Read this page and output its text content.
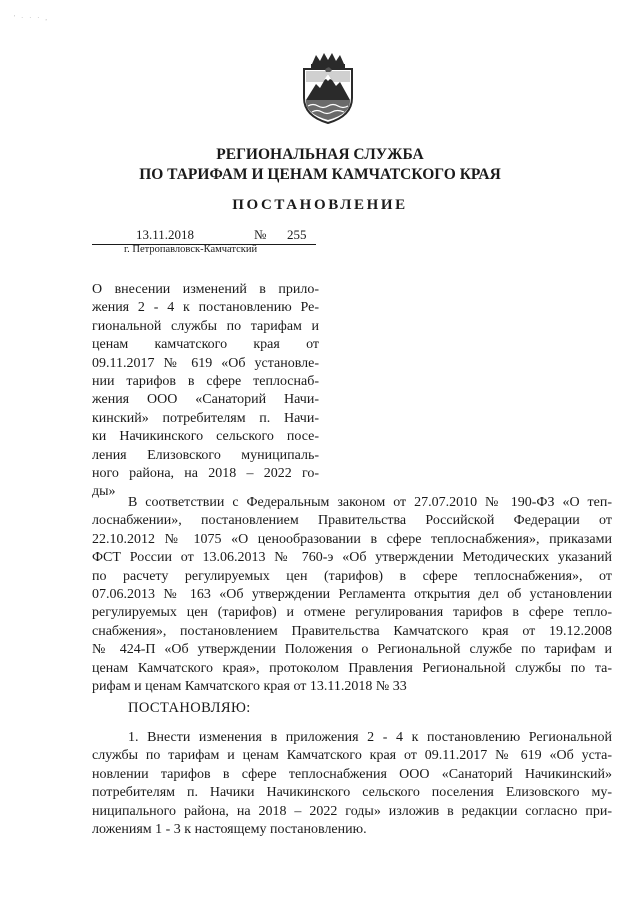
' · · · ,
РЕГИОНАЛЬНАЯ СЛУЖБА
ПО ТАРИФАМ И ЦЕНАМ КАМЧАТСКОГО КРАЯ
ПОСТАНОВЛЕНИЕ
13.11.2018	№ 255
г. Петропавловск-Камчатский
О внесении изменений в прило-
жения 2 - 4 к постановлению Ре-
гиональной службы по тарифам и
ценам камчатского края от
09.11.2017 № 619 «Об установле-
нии тарифов в сфере теплоснаб-
жения ООО «Санаторий Начи-
кинский» потребителям п. Начи-
ки Начикинского сельского посе-
ления Елизовского муниципаль-
ного района, на 2018 – 2022 го-
ды»
В соответствии с Федеральным законом от 27.07.2010 № 190-ФЗ «О теп-
лоснабжении», постановлением Правительства Российской Федерации от
22.10.2012 № 1075 «О ценообразовании в сфере теплоснабжения», приказами
ФСТ России от 13.06.2013 № 760-э «Об утверждении Методических указаний
по расчету регулируемых цен (тарифов) в сфере теплоснабжения», от
07.06.2013 № 163 «Об утверждении Регламента открытия дел об установлении
регулируемых цен (тарифов) и отмене регулирования тарифов в сфере тепло-
снабжения», постановлением Правительства Камчатского края от 19.12.2008
№ 424-П «Об утверждении Положения о Региональной службе по тарифам и
ценам Камчатского края», протоколом Правления Региональной службы по та-
рифам и ценам Камчатского края от 13.11.2018 № 33
ПОСТАНОВЛЯЮ:
1. Внести изменения в приложения 2 - 4 к постановлению Региональной
службы по тарифам и ценам Камчатского края от 09.11.2017 № 619 «Об уста-
новлении тарифов в сфере теплоснабжения ООО «Санаторий Начикинский»
потребителям п. Начики Начикинского сельского поселения Елизовского му-
ниципального района, на 2018 – 2022 годы» изложив в редакции согласно при-
ложениям 1 - 3 к настоящему постановлению.
